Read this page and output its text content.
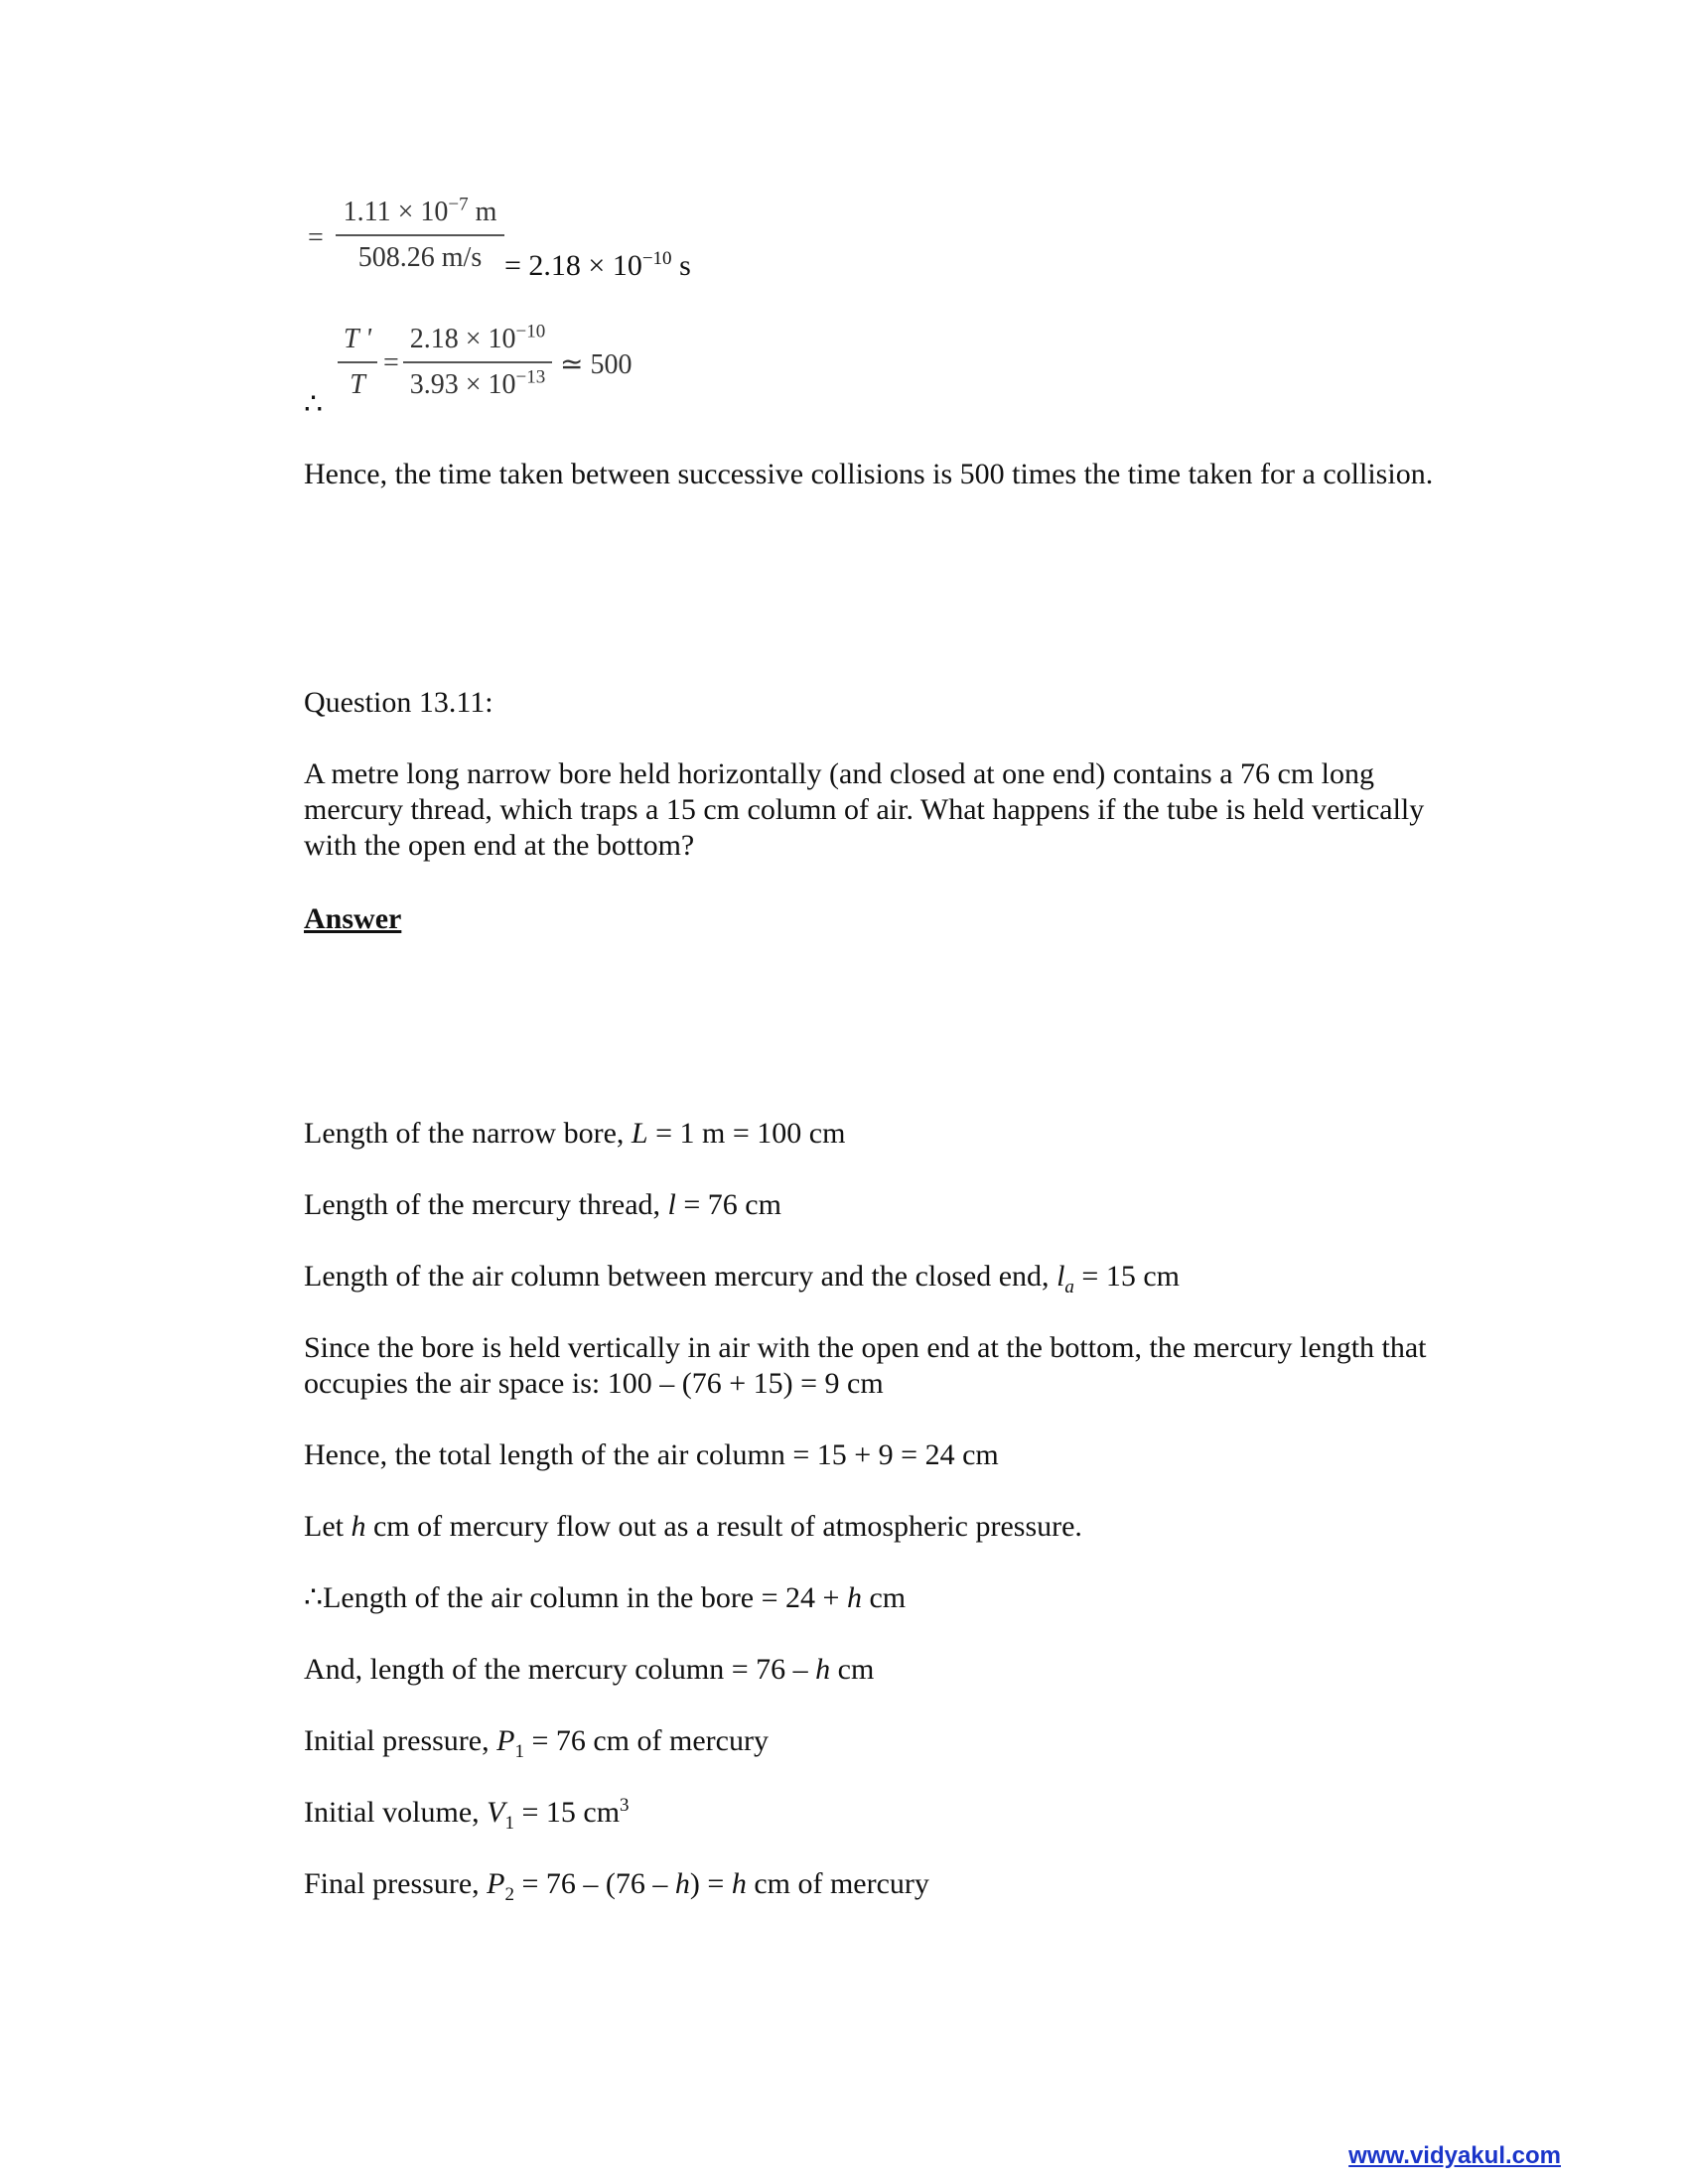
=
$1.11 \times 10^{-7}$ m
508.26 $m/s = 2.18 \times 10^{-10}$ s
T '
T
=
$2.18 \times 10^{-10}$
$3.93 \times 10^{-13}$ ≃ 500
∴
Hence, the time taken between successive collisions is 500 times the time taken for a collision.
Question 13.11:
A metre long narrow bore held horizontally (and closed at one end) contains a 76 cm long mercury thread, which traps a 15 cm column of air. What happens if the tube is held vertically with the open end at the bottom?
Answer
Length of the narrow bore, L = 1 m = 100 cm
Length of the mercury thread, l = 76 cm
Length of the air column between mercury and the closed end, $l_a = 15$ cm
Since the bore is held vertically in air with the open end at the bottom, the mercury length that occupies the air space is: 100 – (76 + 15) = 9 cm
Hence, the total length of the air column = 15 + 9 = 24 cm
Let h cm of mercury flow out as a result of atmospheric pressure.
∴Length of the air column in the bore = 24 + h cm
And, length of the mercury column = 76 – h cm
Initial pressure, $P_1 = 76$ cm of mercury
Initial volume, $V_1 = 15$ $cm^3$
Final pressure, $P_2 = 76 - (76 - h) = h$ cm of mercury
www.vidyakul.com
